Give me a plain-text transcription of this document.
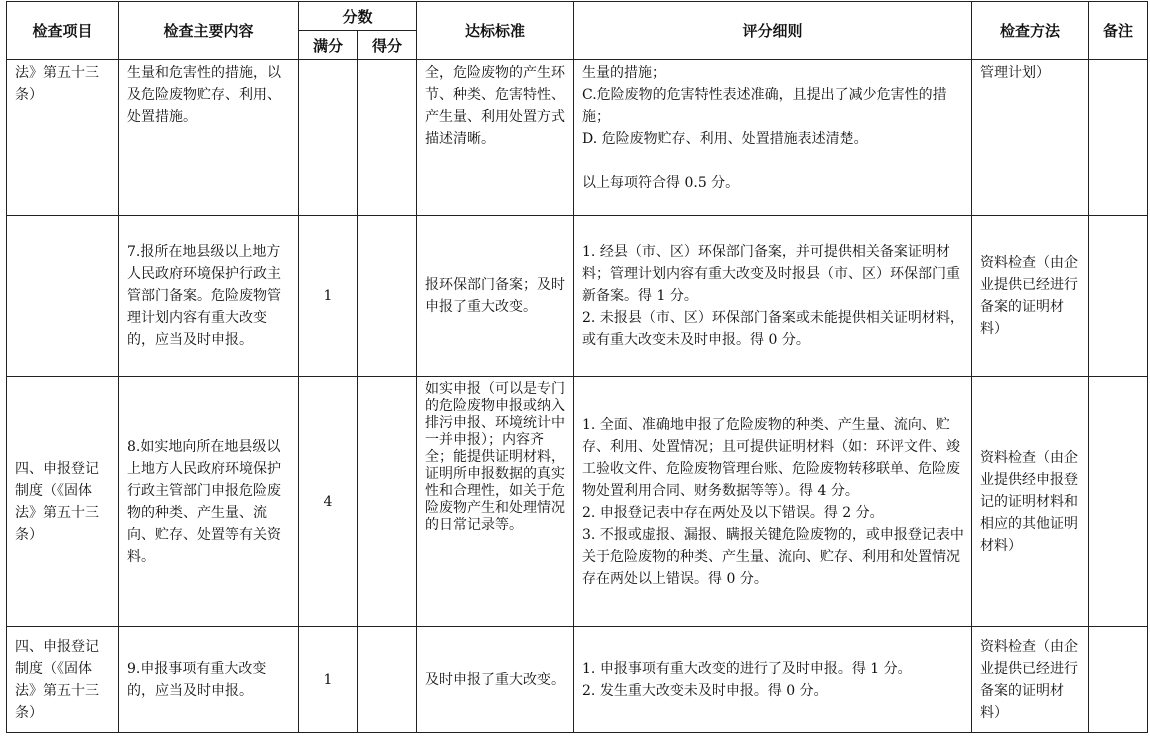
检查项目	检查主要内容	分数		达标标准	评分细则	检查方法	备注
		满分	得分				
法》第五十三条）	生量和危害性的措施，以及危险废物贮存、利用、处置措施。			全，危险废物的产生环节、种类、危害特性、产生量、利用处置方式描述清晰。	生量的措施；
C.危险废物的危害特性表述准确，且提出了减少危害性的措施；
D. 危险废物贮存、利用、处置措施表述清楚。
以上每项符合得 0.5 分。	管理计划）	
	7.报所在地县级以上地方人民政府环境保护行政主管部门备案。危险废物管理计划内容有重大改变的，应当及时申报。	1		报环保部门备案；及时申报了重大改变。	1. 经县（市、区）环保部门备案，并可提供相关备案证明材料；管理计划内容有重大改变及时报县（市、区）环保部门重新备案。得 1 分。
2. 未报县（市、区）环保部门备案或未能提供相关证明材料，或有重大改变未及时申报。得 0 分。	资料检查（由企业提供已经进行备案的证明材料）	
四、申报登记制度（《固体法》第五十三条）	8.如实地向所在地县级以上地方人民政府环境保护行政主管部门申报危险废物的种类、产生量、流向、贮存、处置等有关资料。	4		如实申报（可以是专门的危险废物申报或纳入排污申报、环境统计中一并申报）；内容齐全；能提供证明材料，证明所申报数据的真实性和合理性，如关于危险废物产生和处理情况的日常记录等。	1. 全面、准确地申报了危险废物的种类、产生量、流向、贮存、利用、处置情况；且可提供证明材料（如：环评文件、竣工验收文件、危险废物管理台账、危险废物转移联单、危险废物处置利用合同、财务数据等等）。得 4 分。
2. 申报登记表中存在两处及以下错误。得 2 分。
3. 不报或虚报、漏报、瞒报关键危险废物的，或申报登记表中关于危险废物的种类、产生量、流向、贮存、利用和处置情况存在两处以上错误。得 0 分。	资料检查（由企业提供经申报登记的证明材料和相应的其他证明材料）	
四、申报登记制度（《固体法》第五十三条）	9.申报事项有重大改变的，应当及时申报。	1		及时申报了重大改变。	1. 申报事项有重大改变的进行了及时申报。得 1 分。
2. 发生重大改变未及时申报。得 0 分。	资料检查（由企业提供已经进行备案的证明材料）	
